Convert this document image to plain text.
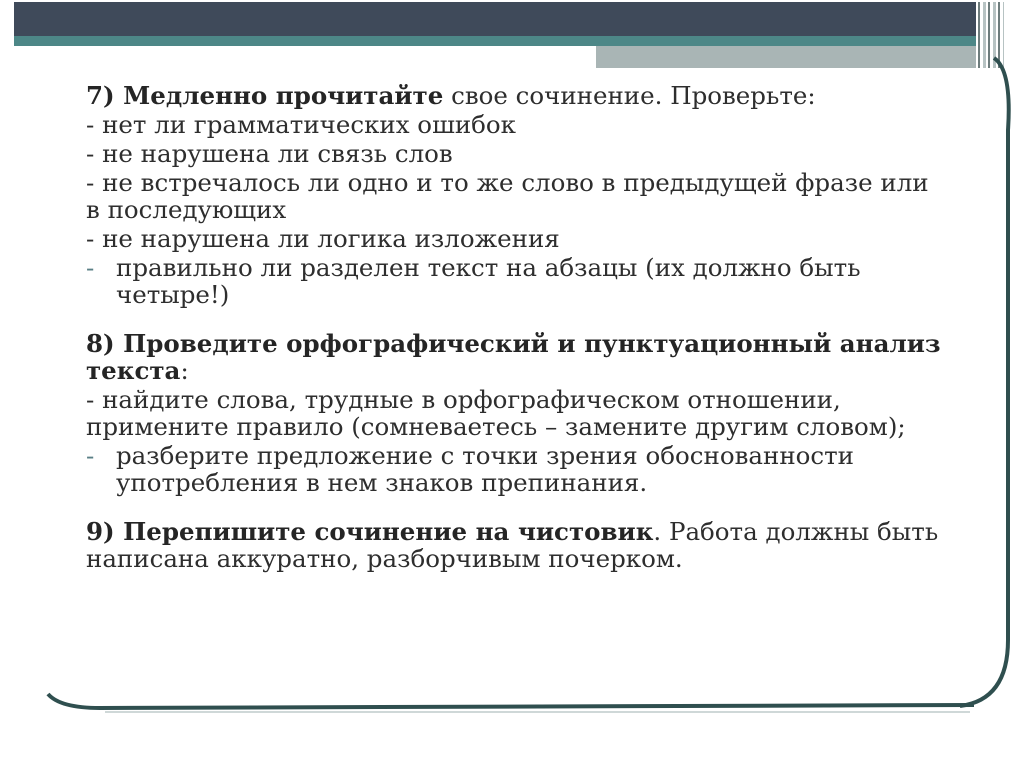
7) Медленно прочитайте свое сочинение. Проверьте:

- нет ли грамматических ошибок

- не нарушена ли связь слов

- не встречалось ли одно и то же слово в предыдущей фразе или в последующих

- не нарушена ли логика изложения

- правильно ли разделен текст на абзацы (их должно быть четыре!)

8) Проведите орфографический и пунктуационный анализ текста:

- найдите слова, трудные в орфографическом отношении, примените правило (сомневаетесь – замените другим словом);

- разберите предложение с точки зрения обоснованности употребления в нем знаков препинания.

9) Перепишите сочинение на чистовик. Работа должны быть написана аккуратно, разборчивым почерком.
